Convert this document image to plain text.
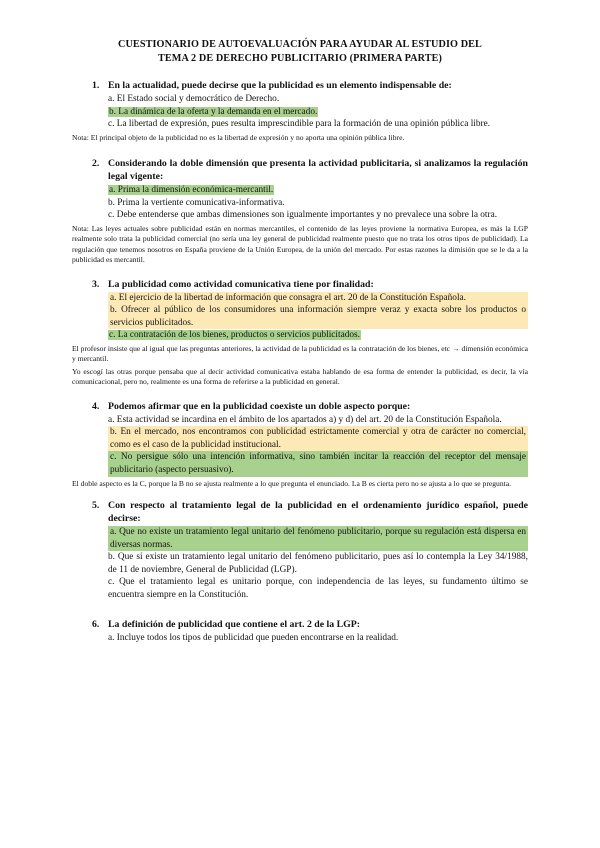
CUESTIONARIO DE AUTOEVALUACIÓN PARA AYUDAR AL ESTUDIO DEL
TEMA 2 DE DERECHO PUBLICITARIO (PRIMERA PARTE)
1. En la actualidad, puede decirse que la publicidad es un elemento indispensable de:
a. El Estado social y democrático de Derecho.
b. La dinámica de la oferta y la demanda en el mercado.
c. La libertad de expresión, pues resulta imprescindible para la formación de una opinión pública libre.
Nota: El principal objeto de la publicidad no es la libertad de expresión y no aporta una opinión pública libre.
2. Considerando la doble dimensión que presenta la actividad publicitaria, si analizamos la regulación legal vigente:
a. Prima la dimensión económica-mercantil.
b. Prima la vertiente comunicativa-informativa.
c. Debe entenderse que ambas dimensiones son igualmente importantes y no prevalece una sobre la otra.
Nota: Las leyes actuales sobre publicidad están en normas mercantiles, el contenido de las leyes proviene la normativa Europea, es más la LGP realmente solo trata la publicidad comercial (no sería una ley general de publicidad realmente puesto que no trata los otros tipos de publicidad). La regulación que tenemos nosotros en España proviene de la Unión Europea, de la unión del mercado. Por estas razones la dimisión que se le da a la publicidad es mercantil.
3. La publicidad como actividad comunicativa tiene por finalidad:
a. El ejercicio de la libertad de información que consagra el art. 20 de la Constitución Española.
b. Ofrecer al público de los consumidores una información siempre veraz y exacta sobre los productos o servicios publicitados.
c. La contratación de los bienes, productos o servicios publicitados.
El profesor insiste que al igual que las preguntas anteriores, la actividad de la publicidad es la contratación de los bienes, etc → dimensión económica y mercantil.
Yo escogí las otras porque pensaba que al decir actividad comunicativa estaba hablando de esa forma de entender la publicidad, es decir, la vía comunicacional, pero no, realmente es una forma de referirse a la publicidad en general.
4. Podemos afirmar que en la publicidad coexiste un doble aspecto porque:
a. Esta actividad se incardina en el ámbito de los apartados a) y d) del art. 20 de la Constitución Española.
b. En el mercado, nos encontramos con publicidad estrictamente comercial y otra de carácter no comercial, como es el caso de la publicidad institucional.
c. No persigue sólo una intención informativa, sino también incitar la reacción del receptor del mensaje publicitario (aspecto persuasivo).
El doble aspecto es la C, porque la B no se ajusta realmente a lo que pregunta el enunciado. La B es cierta pero no se ajusta a lo que se pregunta.
5. Con respecto al tratamiento legal de la publicidad en el ordenamiento jurídico español, puede decirse:
a. Que no existe un tratamiento legal unitario del fenómeno publicitario, porque su regulación está dispersa en diversas normas.
b. Que sí existe un tratamiento legal unitario del fenómeno publicitario, pues así lo contempla la Ley 34/1988, de 11 de noviembre, General de Publicidad (LGP).
c. Que el tratamiento legal es unitario porque, con independencia de las leyes, su fundamento último se encuentra siempre en la Constitución.
6. La definición de publicidad que contiene el art. 2 de la LGP:
a. Incluye todos los tipos de publicidad que pueden encontrarse en la realidad.
